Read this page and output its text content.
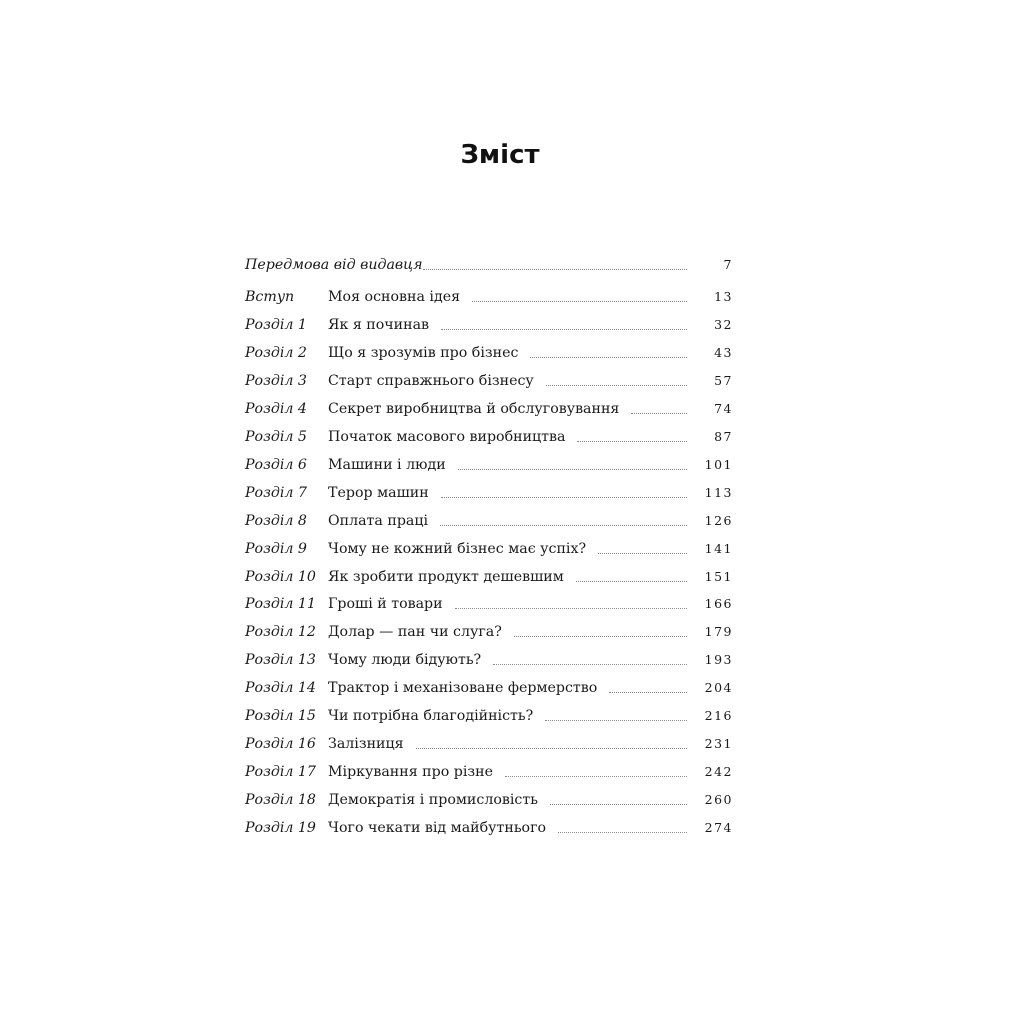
Зміст
Передмова від видавця	7
Вступ Моя основна ідея	13
Розділ 1 Як я починав	32
Розділ 2 Що я зрозумів про бізнес	43
Розділ 3 Старт справжнього бізнесу	57
Розділ 4 Секрет виробництва й обслуговування	74
Розділ 5 Початок масового виробництва	87
Розділ 6 Машини і люди	101
Розділ 7 Терор машин	113
Розділ 8 Оплата праці	126
Розділ 9 Чому не кожний бізнес має успіх?	141
Розділ 10 Як зробити продукт дешевшим	151
Розділ 11 Гроші й товари	166
Розділ 12 Долар — пан чи слуга?	179
Розділ 13 Чому люди бідують?	193
Розділ 14 Трактор і механізоване фермерство	204
Розділ 15 Чи потрібна благодійність?	216
Розділ 16 Залізниця	231
Розділ 17 Міркування про різне	242
Розділ 18 Демократія і промисловість	260
Розділ 19 Чого чекати від майбутнього	274
